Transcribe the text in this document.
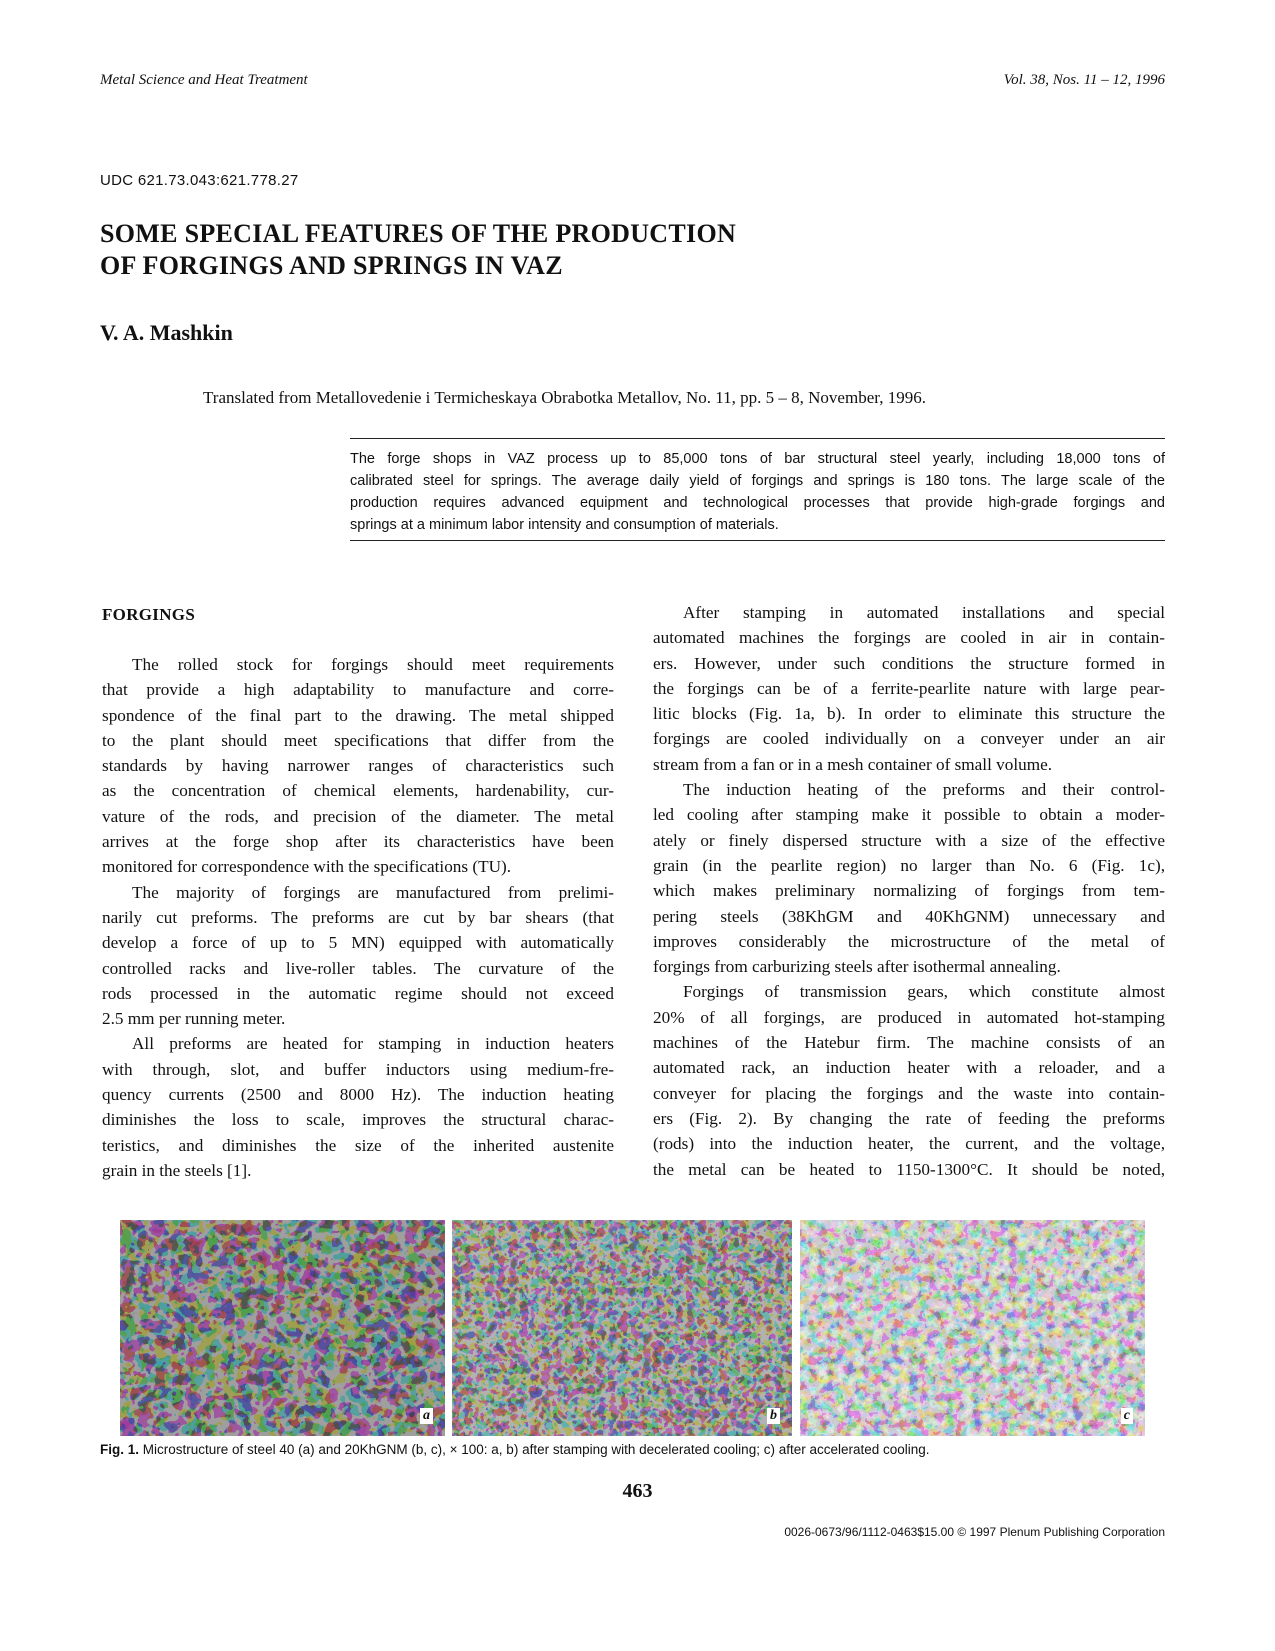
Metal Science and Heat Treatment	Vol. 38, Nos. 11 – 12, 1996
UDC 621.73.043:621.778.27
SOME SPECIAL FEATURES OF THE PRODUCTION
OF FORGINGS AND SPRINGS IN VAZ
V. A. Mashkin
Translated from Metallovedenie i Termicheskaya Obrabotka Metallov, No. 11, pp. 5 – 8, November, 1996.
The forge shops in VAZ process up to 85,000 tons of bar structural steel yearly, including 18,000 tons of
calibrated steel for springs. The average daily yield of forgings and springs is 180 tons. The large scale of the
production requires advanced equipment and technological processes that provide high-grade forgings and
springs at a minimum labor intensity and consumption of materials.
FORGINGS
The rolled stock for forgings should meet requirements
that provide a high adaptability to manufacture and corre-
spondence of the final part to the drawing. The metal shipped
to the plant should meet specifications that differ from the
standards by having narrower ranges of characteristics such
as the concentration of chemical elements, hardenability, cur-
vature of the rods, and precision of the diameter. The metal
arrives at the forge shop after its characteristics have been
monitored for correspondence with the specifications (TU).
The majority of forgings are manufactured from prelimi-
narily cut preforms. The preforms are cut by bar shears (that
develop a force of up to 5 MN) equipped with automatically
controlled racks and live-roller tables. The curvature of the
rods processed in the automatic regime should not exceed
2.5 mm per running meter.
All preforms are heated for stamping in induction heaters
with through, slot, and buffer inductors using medium-fre-
quency currents (2500 and 8000 Hz). The induction heating
diminishes the loss to scale, improves the structural charac-
teristics, and diminishes the size of the inherited austenite
grain in the steels [1].
After stamping in automated installations and special
automated machines the forgings are cooled in air in contain-
ers. However, under such conditions the structure formed in
the forgings can be of a ferrite-pearlite nature with large pear-
litic blocks (Fig. 1a, b). In order to eliminate this structure the
forgings are cooled individually on a conveyer under an air
stream from a fan or in a mesh container of small volume.
The induction heating of the preforms and their control-
led cooling after stamping make it possible to obtain a moder-
ately or finely dispersed structure with a size of the effective
grain (in the pearlite region) no larger than No. 6 (Fig. 1c),
which makes preliminary normalizing of forgings from tem-
pering steels (38KhGM and 40KhGNM) unnecessary and
improves considerably the microstructure of the metal of
forgings from carburizing steels after isothermal annealing.
Forgings of transmission gears, which constitute almost
20% of all forgings, are produced in automated hot-stamping
machines of the Hatebur firm. The machine consists of an
automated rack, an induction heater with a reloader, and a
conveyer for placing the forgings and the waste into contain-
ers (Fig. 2). By changing the rate of feeding the preforms
(rods) into the induction heater, the current, and the voltage,
the metal can be heated to 1150-1300°C. It should be noted,
a	b	c
Fig. 1. Microstructure of steel 40 (a) and 20KhGNM (b, c), × 100: a, b) after stamping with decelerated cooling; c) after accelerated cooling.
463
0026-0673/96/1112-0463$15.00 © 1997 Plenum Publishing Corporation
